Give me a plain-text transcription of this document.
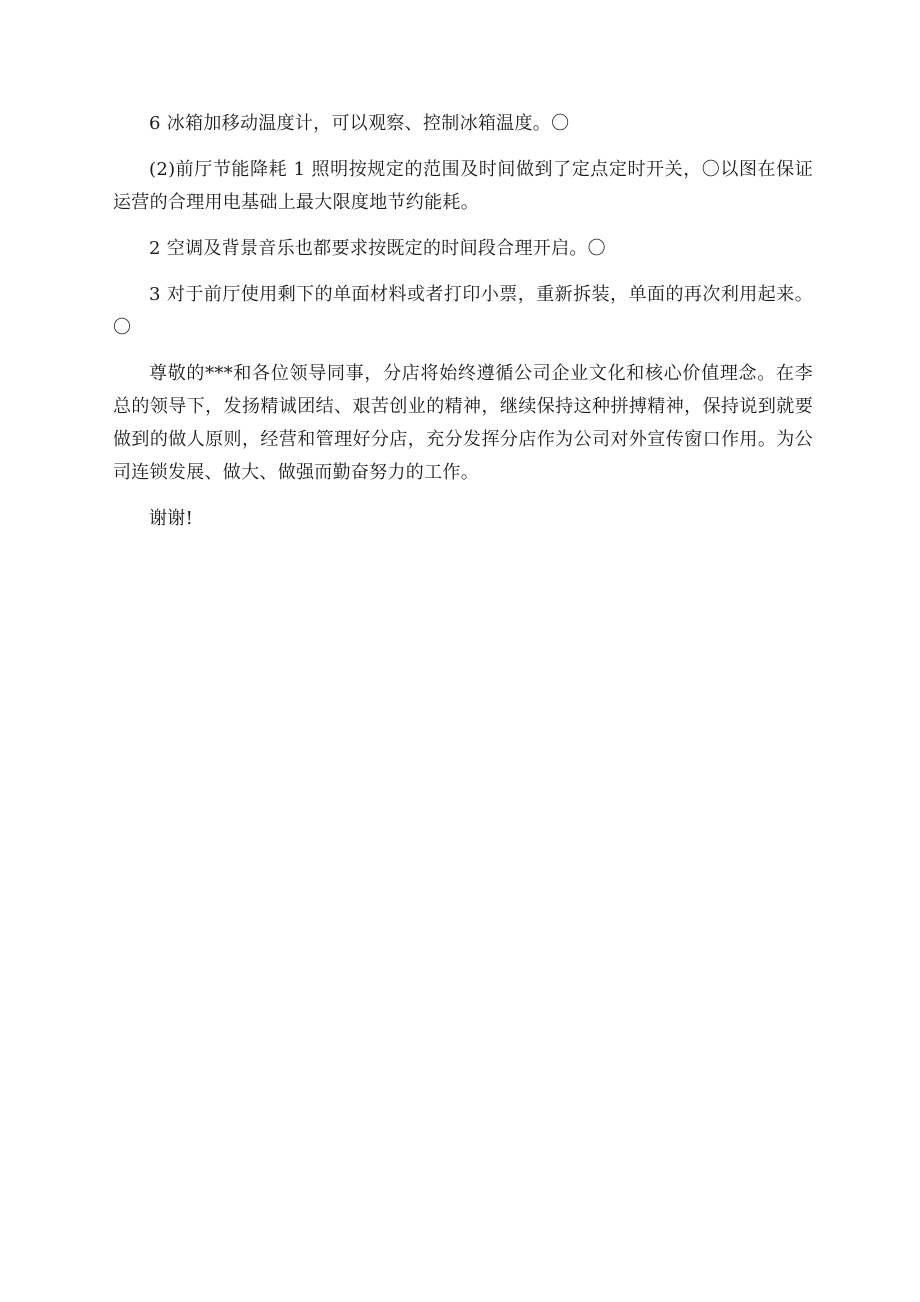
6 冰箱加移动温度计，可以观察、控制冰箱温度。〇

(2)前厅节能降耗 1 照明按规定的范围及时间做到了定点定时开关，〇以图在保证运营的合理用电基础上最大限度地节约能耗。

2 空调及背景音乐也都要求按既定的时间段合理开启。〇

3 对于前厅使用剩下的单面材料或者打印小票，重新拆装，单面的再次利用起来。〇

尊敬的***和各位领导同事，分店将始终遵循公司企业文化和核心价值理念。在李总的领导下，发扬精诚团结、艰苦创业的精神，继续保持这种拼搏精神，保持说到就要做到的做人原则，经营和管理好分店，充分发挥分店作为公司对外宣传窗口作用。为公司连锁发展、做大、做强而勤奋努力的工作。

谢谢!
